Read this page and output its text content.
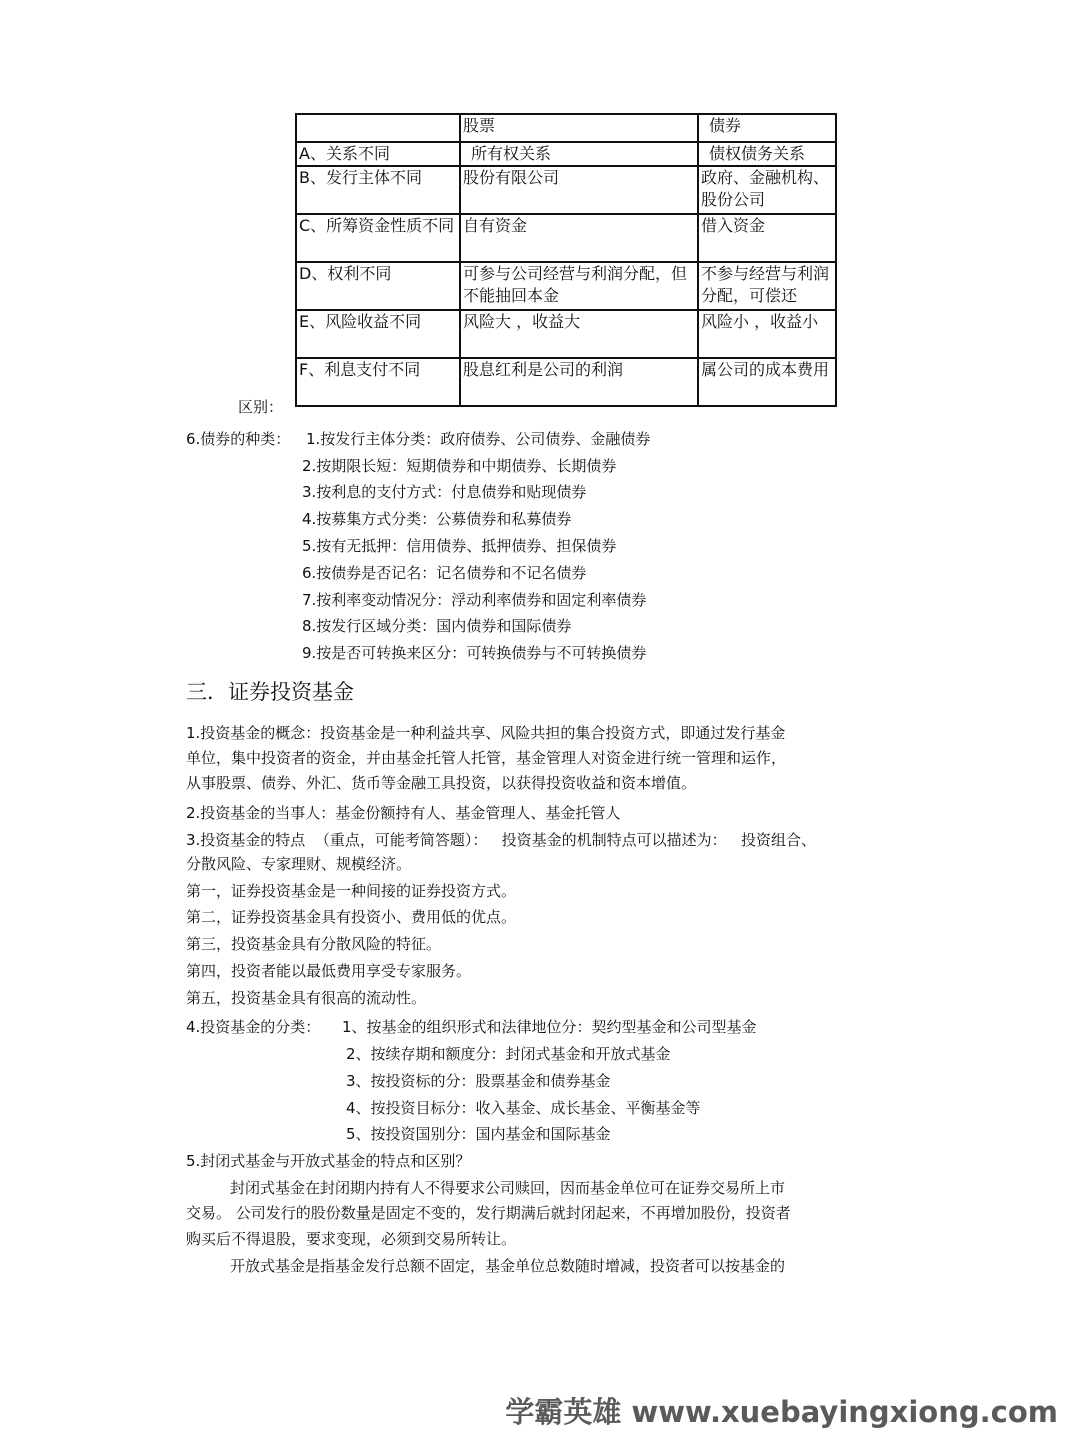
区别：
	股票	债券
A、关系不同	所有权关系	债权债务关系
B、发行主体不同	股份有限公司	政府、金融机构、股份公司
C、所筹资金性质不同	自有资金	借入资金
D、权利不同	可参与公司经营与利润分配，但不能抽回本金	不参与经营与利润分配，可偿还
E、风险收益不同	风险大 ，收益大	风险小 ，收益小
F、利息支付不同	股息红利是公司的利润	属公司的成本费用
6.债券的种类： 1.按发行主体分类：政府债券、公司债券、金融债券
2.按期限长短：短期债券和中期债券、长期债券
3.按利息的支付方式：付息债券和贴现债券
4.按募集方式分类：公募债券和私募债券
5.按有无抵押：信用债券、抵押债券、担保债券
6.按债券是否记名：记名债券和不记名债券
7.按利率变动情况分：浮动利率债券和固定利率债券
8.按发行区域分类：国内债券和国际债券
9.按是否可转换来区分：可转换债券与不可转换债券
三．证券投资基金
1.投资基金的概念：投资基金是一种利益共享、风险共担的集合投资方式，即通过发行基金
单位，集中投资者的资金，并由基金托管人托管，基金管理人对资金进行统一管理和运作，
从事股票、债券、外汇、货币等金融工具投资，以获得投资收益和资本增值。
2.投资基金的当事人：基金份额持有人、基金管理人、基金托管人
3.投资基金的特点  （重点，可能考简答题）：   投资基金的机制特点可以描述为：   投资组合、
分散风险、专家理财、规模经济。
第一，证券投资基金是一种间接的证券投资方式。
第二，证券投资基金具有投资小、费用低的优点。
第三，投资基金具有分散风险的特征。
第四，投资者能以最低费用享受专家服务。
第五，投资基金具有很高的流动性。
4.投资基金的分类： 1、按基金的组织形式和法律地位分：契约型基金和公司型基金
2、按续存期和额度分：封闭式基金和开放式基金
3、按投资标的分：股票基金和债券基金
4、按投资目标分：收入基金、成长基金、平衡基金等
5、按投资国别分：国内基金和国际基金
5.封闭式基金与开放式基金的特点和区别？
封闭式基金在封闭期内持有人不得要求公司赎回，因而基金单位可在证券交易所上市
交易。 公司发行的股份数量是固定不变的，发行期满后就封闭起来，不再增加股份，投资者
购买后不得退股，要求变现，必须到交易所转让。
开放式基金是指基金发行总额不固定，基金单位总数随时增减，投资者可以按基金的
学霸英雄 www.xuebayingxiong.com
